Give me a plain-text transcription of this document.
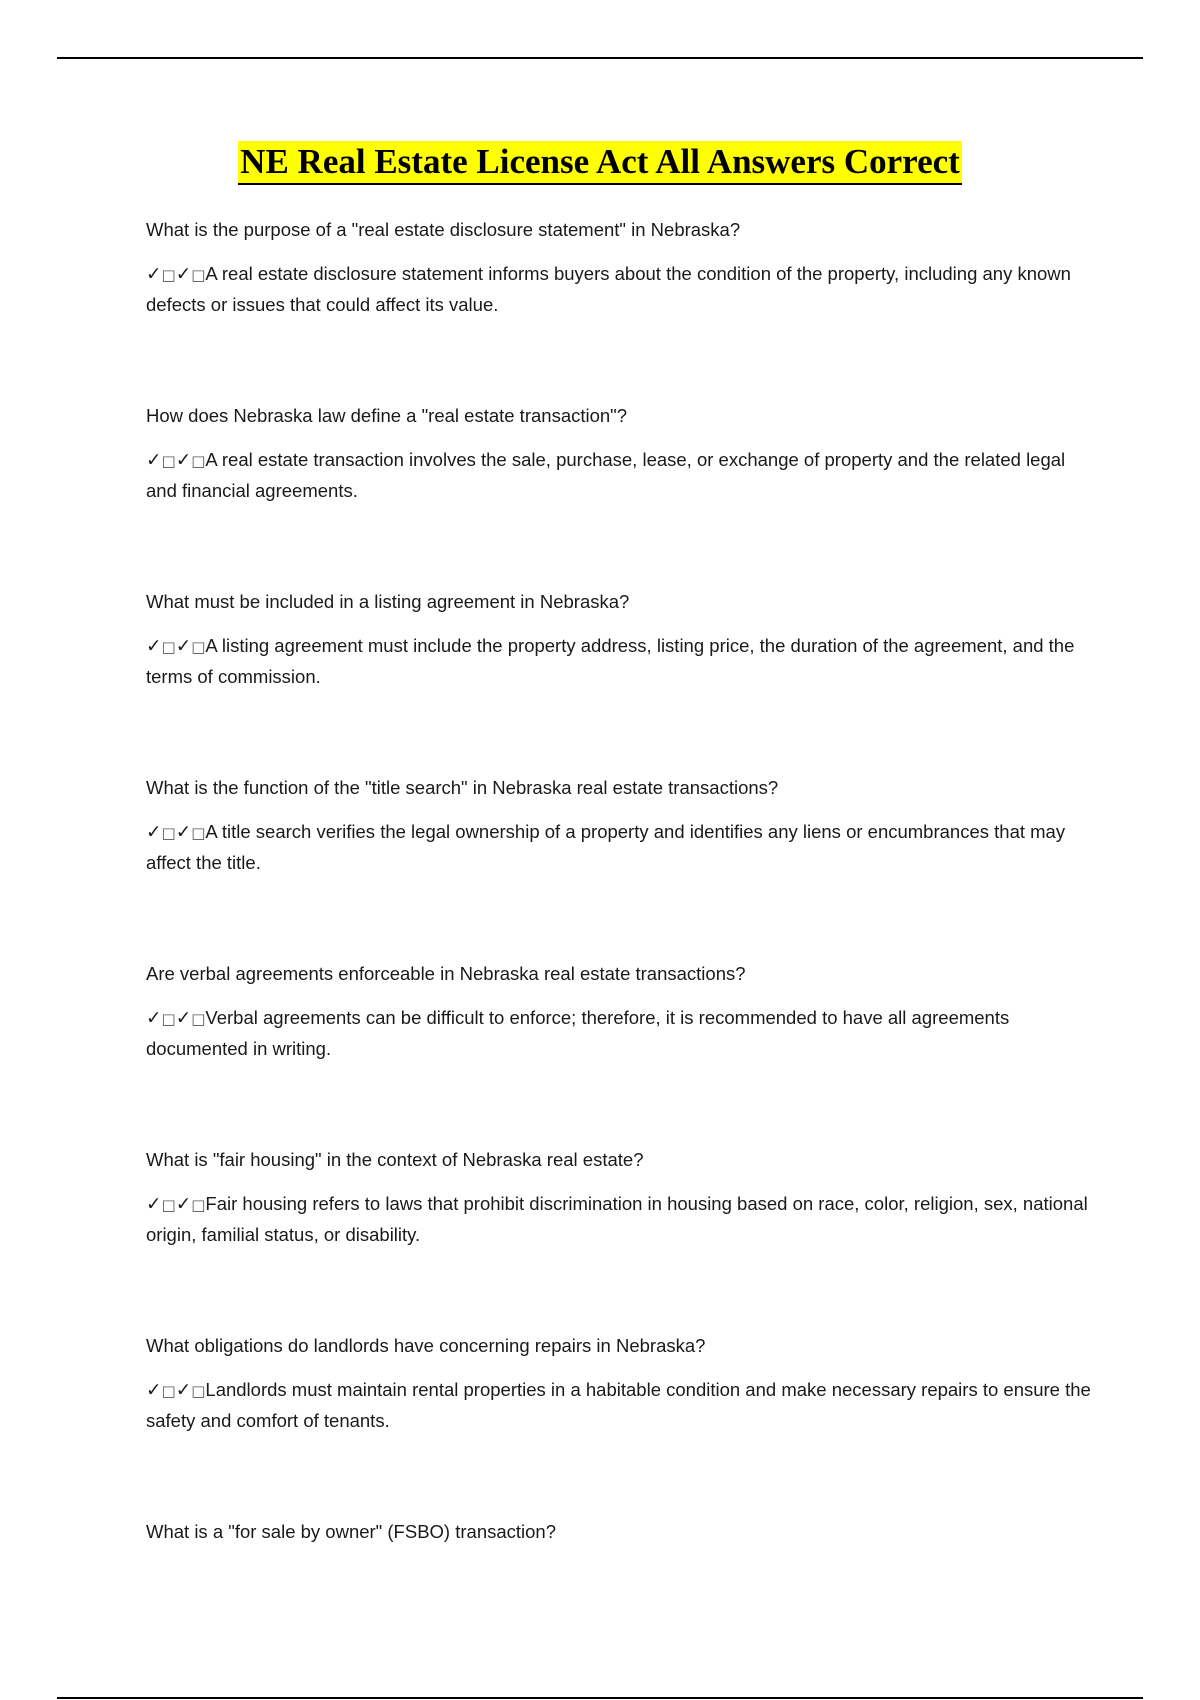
NE Real Estate License Act All Answers Correct

What is the purpose of a "real estate disclosure statement" in Nebraska?

✓□✓□A real estate disclosure statement informs buyers about the condition of the property, including any known defects or issues that could affect its value.

How does Nebraska law define a "real estate transaction"?

✓□✓□A real estate transaction involves the sale, purchase, lease, or exchange of property and the related legal and financial agreements.

What must be included in a listing agreement in Nebraska?

✓□✓□A listing agreement must include the property address, listing price, the duration of the agreement, and the terms of commission.

What is the function of the "title search" in Nebraska real estate transactions?

✓□✓□A title search verifies the legal ownership of a property and identifies any liens or encumbrances that may affect the title.

Are verbal agreements enforceable in Nebraska real estate transactions?

✓□✓□Verbal agreements can be difficult to enforce; therefore, it is recommended to have all agreements documented in writing.

What is "fair housing" in the context of Nebraska real estate?

✓□✓□Fair housing refers to laws that prohibit discrimination in housing based on race, color, religion, sex, national origin, familial status, or disability.

What obligations do landlords have concerning repairs in Nebraska?

✓□✓□Landlords must maintain rental properties in a habitable condition and make necessary repairs to ensure the safety and comfort of tenants.

What is a "for sale by owner" (FSBO) transaction?
